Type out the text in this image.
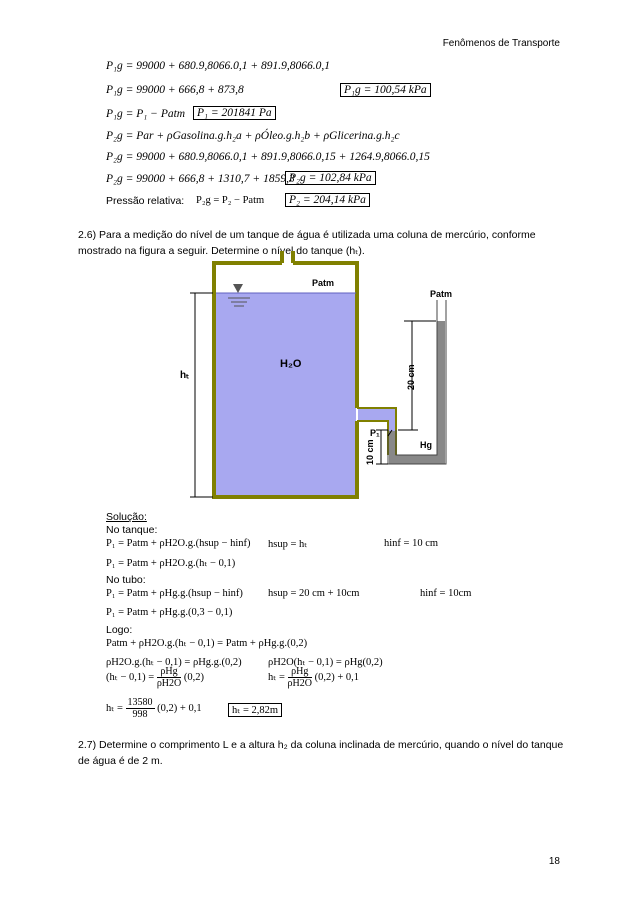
Fenômenos de Transporte
P₁g = 99000 + 680.9,8066.0,1 + 891.9,8066.0,1
P₁g = 99000 + 666,8 + 873,8	P₁g = 100,54 kPa
P₁g = P₁ − Patm	P₁ = 201841 Pa
P₂g = Par + ρGasolina.g.h₂a + ρÓleo.g.h₂b + ρGlicerina.g.h₂c
P₂g = 99000 + 680.9,8066.0,1 + 891.9,8066.0,15 + 1264.9,8066.0,15
P₂g = 99000 + 666,8 + 1310,7 + 1859,3
P₂g = 102,84 kPa
Pressão relativa: P₂g = P₂ − Patm	P₂ = 204,14 kPa
2.6) Para a medição do nível de um tanque de água é utilizada uma coluna de mercúrio, conforme mostrado na figura a seguir. Determine o nível do tanque (hₜ).
Patm
Patm
H₂O
hₜ	20 cm
10 cm
P₁
Hg
Solução:
No tanque:
P₁ = Patm + ρH2O.g.(hsup − hinf) hsup = hₜ	hinf = 10 cm
P₁ = Patm + ρH2O.g.(hₜ − 0,1)
No tubo:
P₁ = Patm + ρHg.g.(hsup − hinf) hsup = 20 cm + 10cm	hinf = 10cm
P₁ = Patm + ρHg.g.(0,3 − 0,1)
Logo:
Patm + ρH2O.g.(hₜ − 0,1) = Patm + ρHg.g.(0,2)
ρH2O.g.(hₜ − 0,1) = ρHg.g.(0,2)	ρH2O(hₜ − 0,1) = ρHg(0,2)
$(h_t - 0,1) = \frac{\text{ρHg}}{\rho H2O} (0,2)$	$h_t = \frac{\text{ρHg}}{\rho H2O} (0,2) + 0,1$
$h_t = \frac{13580}{998} (0,2) + 0,1$	hₜ = 2,82m
2.7) Determine o comprimento L e a altura h₂ da coluna inclinada de mercúrio, quando o nível do tanque de água é de 2 m.
18
